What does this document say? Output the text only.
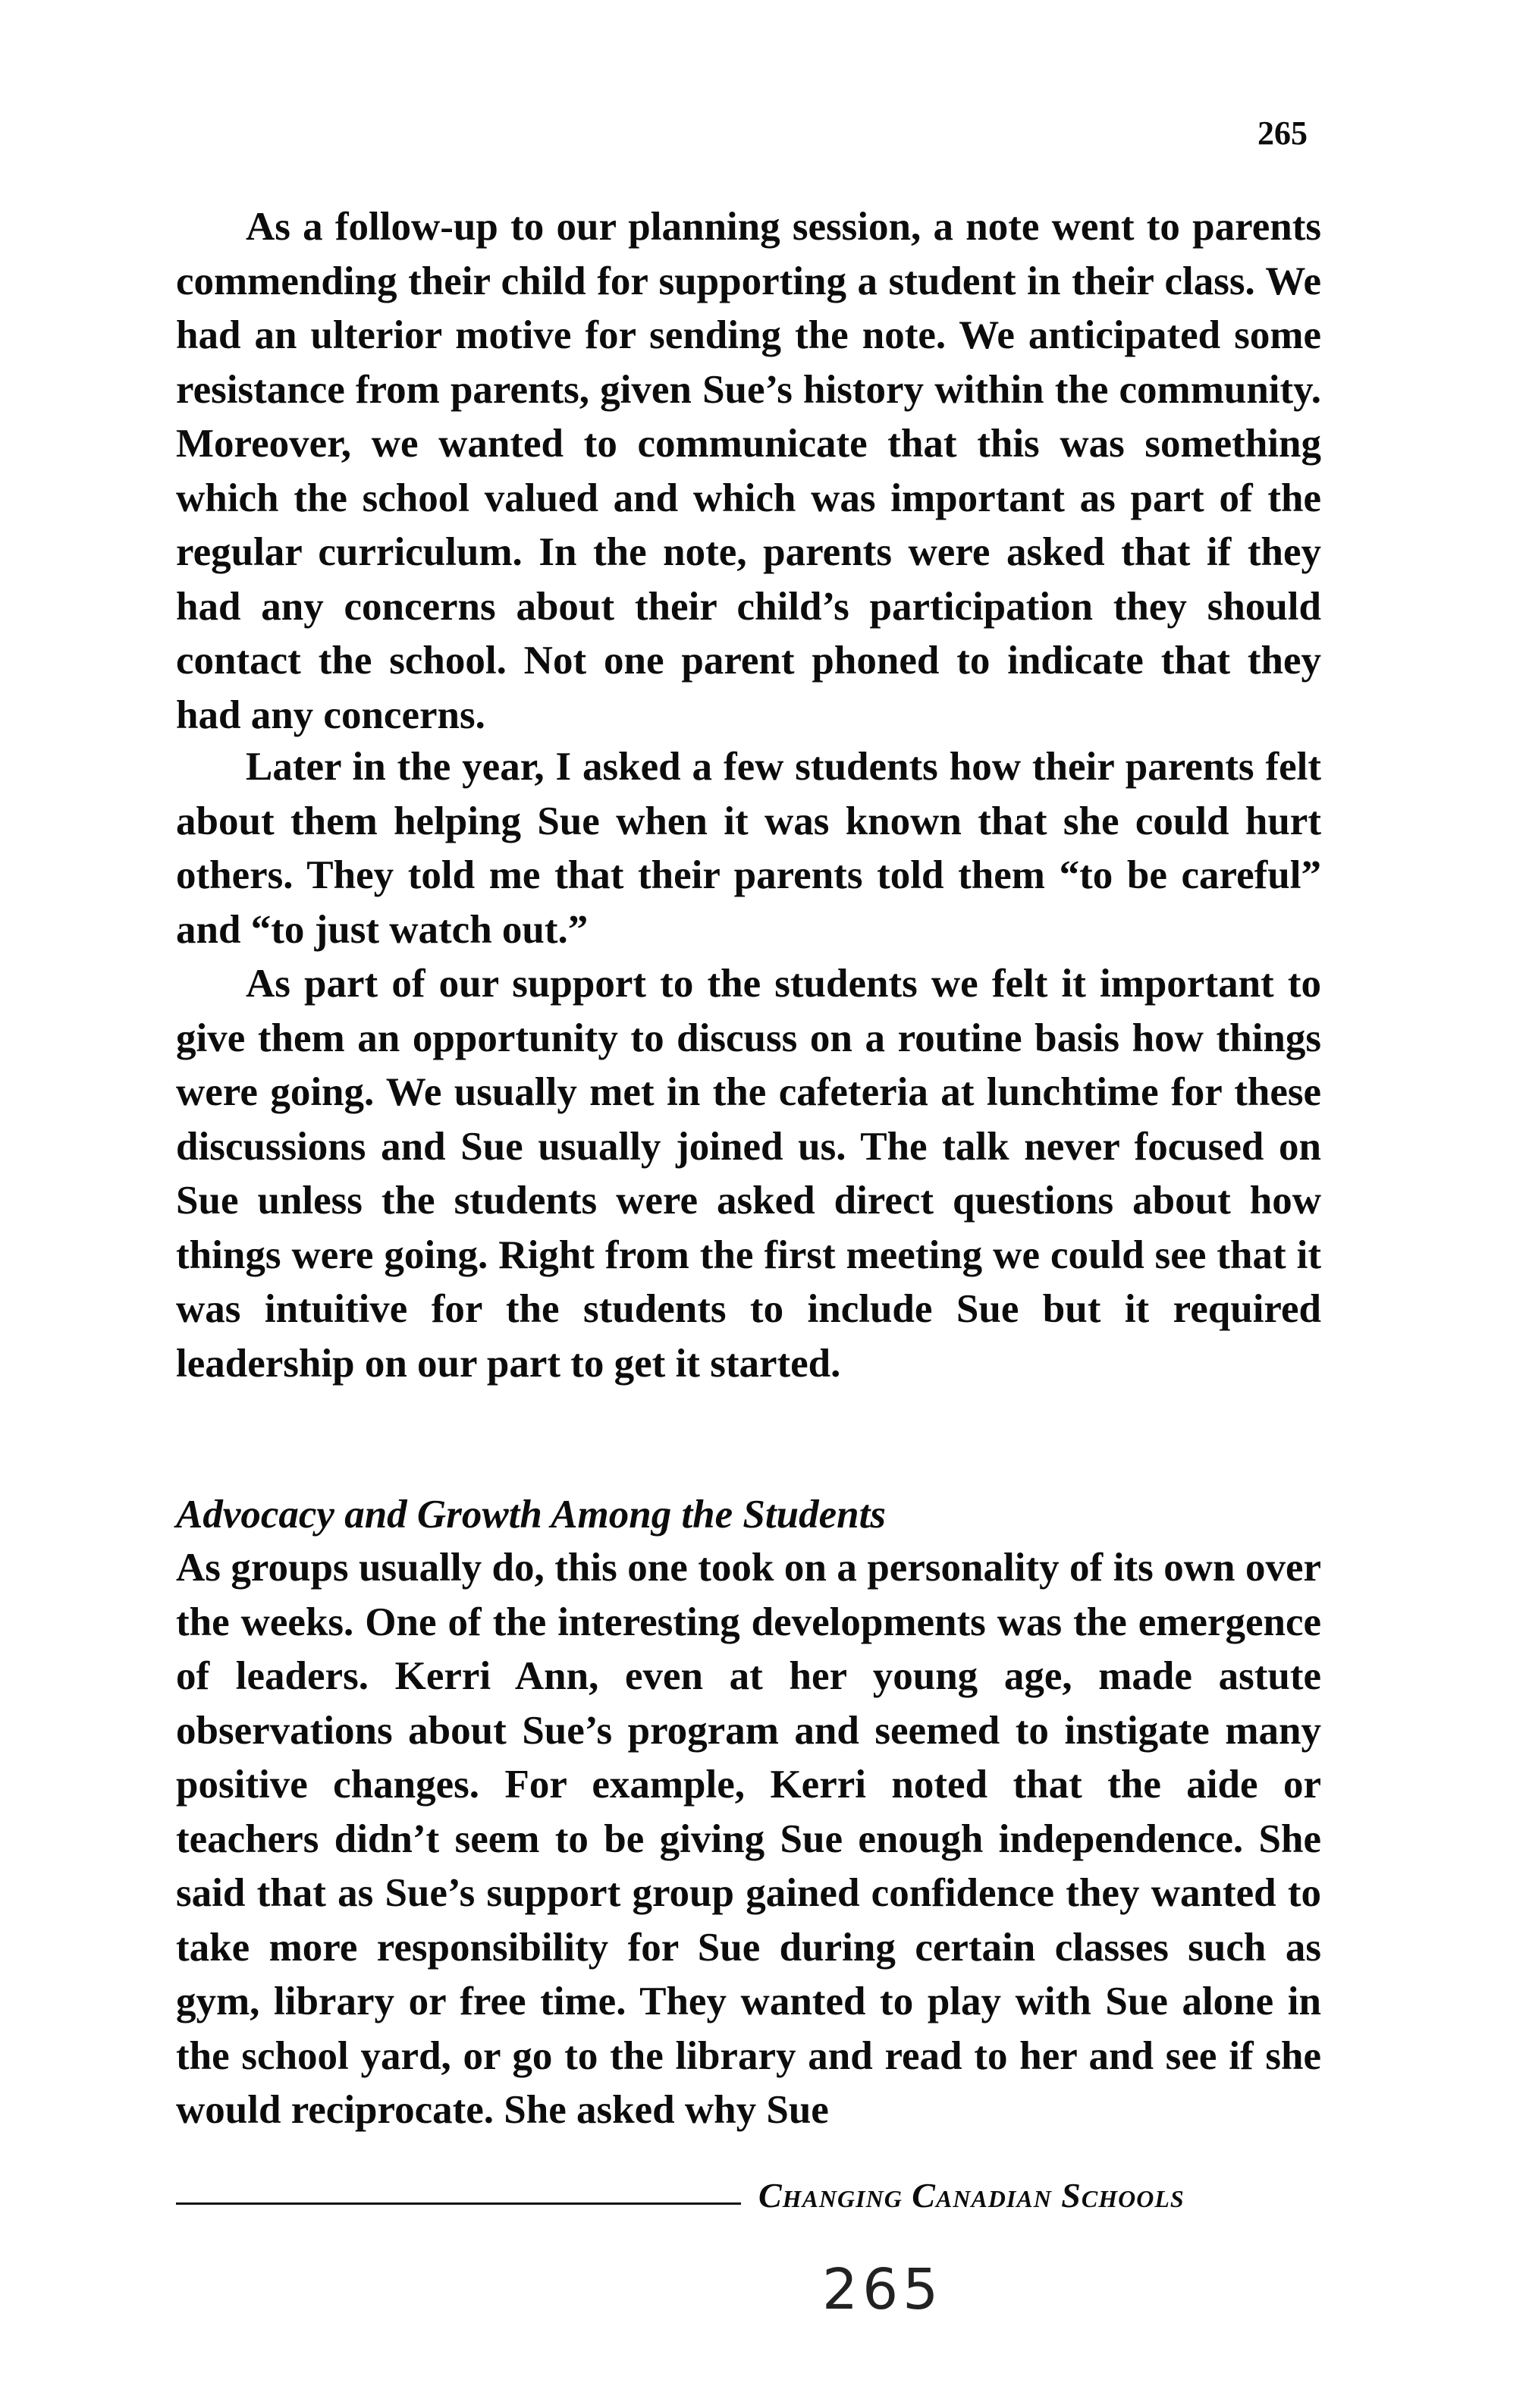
265

As a follow-up to our planning session, a note went to parents commending their child for supporting a student in their class. We had an ulterior motive for sending the note. We anticipated some resistance from parents, given Sue’s history within the community. Moreover, we wanted to communicate that this was something which the school valued and which was important as part of the regular curriculum. In the note, parents were asked that if they had any concerns about their child’s participation they should contact the school. Not one parent phoned to indicate that they had any concerns.

Later in the year, I asked a few students how their parents felt about them helping Sue when it was known that she could hurt others. They told me that their parents told them “to be careful” and “to just watch out.”

As part of our support to the students we felt it important to give them an opportunity to discuss on a routine basis how things were going. We usually met in the cafeteria at lunchtime for these discussions and Sue usually joined us. The talk never focused on Sue unless the students were asked direct questions about how things were going. Right from the first meeting we could see that it was intuitive for the students to include Sue but it required leadership on our part to get it started.

Advocacy and Growth Among the Students

As groups usually do, this one took on a personality of its own over the weeks. One of the interesting developments was the emergence of leaders. Kerri Ann, even at her young age, made astute observations about Sue’s program and seemed to instigate many positive changes. For example, Kerri noted that the aide or teachers didn’t seem to be giving Sue enough independence. She said that as Sue’s support group gained confidence they wanted to take more responsibility for Sue during certain classes such as gym, library or free time. They wanted to play with Sue alone in the school yard, or go to the library and read to her and see if she would reciprocate. She asked why Sue

Changing Canadian Schools
265
